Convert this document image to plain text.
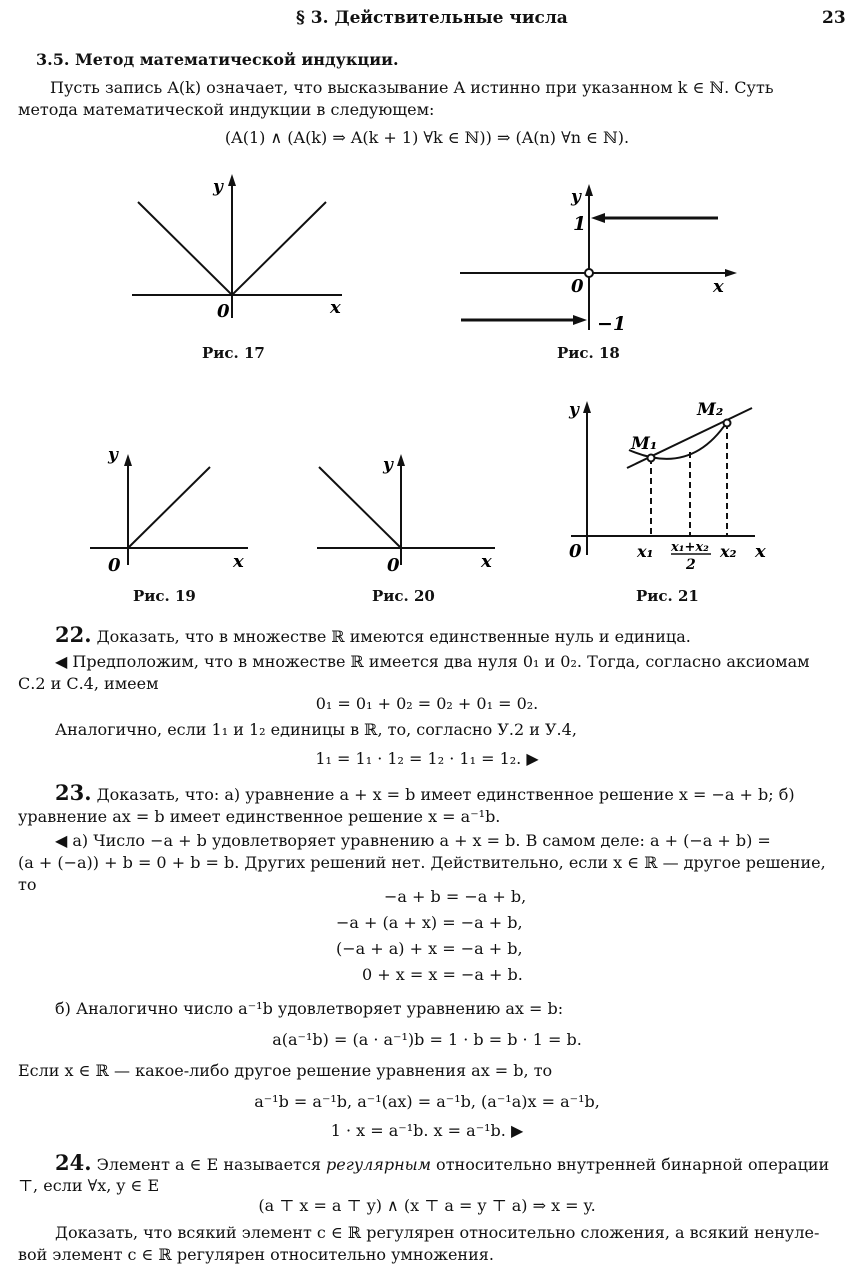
§ 3. Действительные числа	23
3.5. Метод математической индукции.
Пусть запись A(k) означает, что высказывание A истинно при указанном k ∈ ℕ. Суть
метода математической индукции в следующем:
(A(1) ∧ (A(k) ⇒ A(k + 1) ∀k ∈ ℕ)) ⇒ (A(n) ∀n ∈ ℕ).
y
0	x
Рис. 17
y
1
0	x
−1
Рис. 18
y
0	x
Рис. 19
y
0	x
Рис. 20
y
M₁
M₂
0	x₁ x₁+x₂
2
x₂ x
Рис. 21
22. Доказать, что в множестве ℝ имеются единственные нуль и единица.
◀ Предположим, что в множестве ℝ имеется два нуля 0₁ и 0₂. Тогда, согласно аксиомам
С.2 и С.4, имеем
0₁ = 0₁ + 0₂ = 0₂ + 0₁ = 0₂.
Аналогично, если 1₁ и 1₂ единицы в ℝ, то, согласно У.2 и У.4,
1₁ = 1₁ · 1₂ = 1₂ · 1₁ = 1₂. ▶
23. Доказать, что: а) уравнение a + x = b имеет единственное решение x = −a + b; б)
уравнение ax = b имеет единственное решение x = a⁻¹b.
◀ а) Число −a + b удовлетворяет уравнению a + x = b. В самом деле: a + (−a + b) =
(a + (−a)) + b = 0 + b = b. Других решений нет. Действительно, если x ∈ ℝ — другое решение,
то
−a + b = −a + b,
−a + (a + x) = −a + b,
(−a + a) + x = −a + b,
0 + x = x = −a + b.
б) Аналогично число a⁻¹b удовлетворяет уравнению ax = b:
a(a⁻¹b) = (a · a⁻¹)b = 1 · b = b · 1 = b.
Если x ∈ ℝ — какое-либо другое решение уравнения ax = b, то
a⁻¹b = a⁻¹b, a⁻¹(ax) = a⁻¹b, (a⁻¹a)x = a⁻¹b,
1 · x = a⁻¹b. x = a⁻¹b. ▶
24. Элемент a ∈ E называется регулярным относительно внутренней бинарной операции
⊤, если ∀x, y ∈ E
(a ⊤ x = a ⊤ y) ∧ (x ⊤ a = y ⊤ a) ⇒ x = y.
Доказать, что всякий элемент c ∈ ℝ регулярен относительно сложения, а всякий ненуле-
вой элемент c ∈ ℝ регулярен относительно умножения.
